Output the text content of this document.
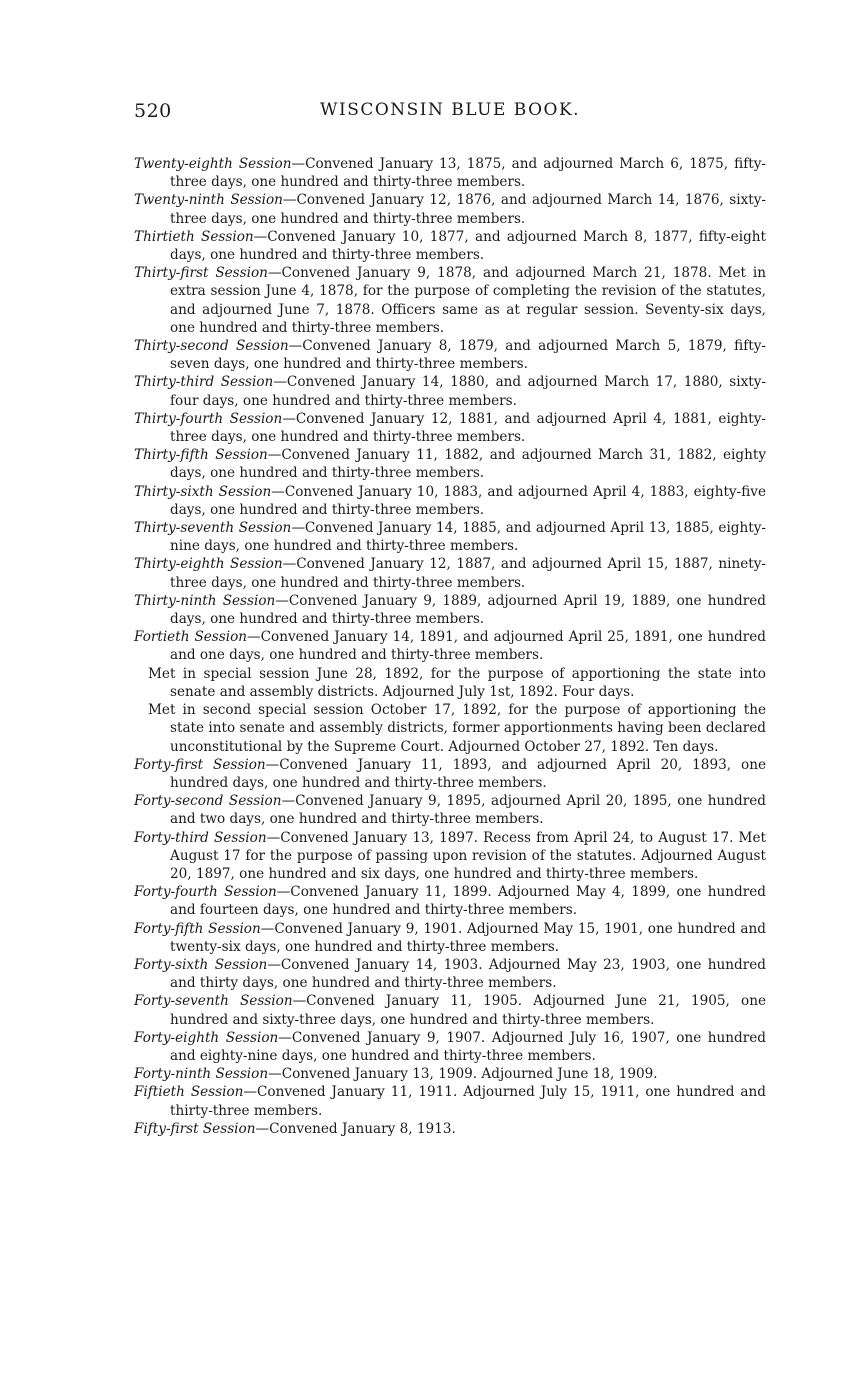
520	WISCONSIN BLUE BOOK.

Twenty-eighth Session—Convened January 13, 1875, and adjourned March 6, 1875, fifty-three days, one hundred and thirty-three members.

Twenty-ninth Session—Convened January 12, 1876, and adjourned March 14, 1876, sixty-three days, one hundred and thirty-three members.

Thirtieth Session—Convened January 10, 1877, and adjourned March 8, 1877, fifty-eight days, one hundred and thirty-three members.

Thirty-first Session—Convened January 9, 1878, and adjourned March 21, 1878. Met in extra session June 4, 1878, for the purpose of completing the revision of the statutes, and adjourned June 7, 1878. Officers same as at regular session. Seventy-six days, one hundred and thirty-three members.

Thirty-second Session—Convened January 8, 1879, and adjourned March 5, 1879, fifty-seven days, one hundred and thirty-three members.

Thirty-third Session—Convened January 14, 1880, and adjourned March 17, 1880, sixty-four days, one hundred and thirty-three members.

Thirty-fourth Session—Convened January 12, 1881, and adjourned April 4, 1881, eighty-three days, one hundred and thirty-three members.

Thirty-fifth Session—Convened January 11, 1882, and adjourned March 31, 1882, eighty days, one hundred and thirty-three members.

Thirty-sixth Session—Convened January 10, 1883, and adjourned April 4, 1883, eighty-five days, one hundred and thirty-three members.

Thirty-seventh Session—Convened January 14, 1885, and adjourned April 13, 1885, eighty-nine days, one hundred and thirty-three members.

Thirty-eighth Session—Convened January 12, 1887, and adjourned April 15, 1887, ninety-three days, one hundred and thirty-three members.

Thirty-ninth Session—Convened January 9, 1889, adjourned April 19, 1889, one hundred days, one hundred and thirty-three members.

Fortieth Session—Convened January 14, 1891, and adjourned April 25, 1891, one hundred and one days, one hundred and thirty-three members.

Met in special session June 28, 1892, for the purpose of apportioning the state into senate and assembly districts. Adjourned July 1st, 1892. Four days.

Met in second special session October 17, 1892, for the purpose of apportioning the state into senate and assembly districts, former apportionments having been declared unconstitutional by the Supreme Court. Adjourned October 27, 1892. Ten days.

Forty-first Session—Convened January 11, 1893, and adjourned April 20, 1893, one hundred days, one hundred and thirty-three members.

Forty-second Session—Convened January 9, 1895, adjourned April 20, 1895, one hundred and two days, one hundred and thirty-three members.

Forty-third Session—Convened January 13, 1897. Recess from April 24, to August 17. Met August 17 for the purpose of passing upon revision of the statutes. Adjourned August 20, 1897, one hundred and six days, one hundred and thirty-three members.

Forty-fourth Session—Convened January 11, 1899. Adjourned May 4, 1899, one hundred and fourteen days, one hundred and thirty-three members.

Forty-fifth Session—Convened January 9, 1901. Adjourned May 15, 1901, one hundred and twenty-six days, one hundred and thirty-three members.

Forty-sixth Session—Convened January 14, 1903. Adjourned May 23, 1903, one hundred and thirty days, one hundred and thirty-three members.

Forty-seventh Session—Convened January 11, 1905. Adjourned June 21, 1905, one hundred and sixty-three days, one hundred and thirty-three members.

Forty-eighth Session—Convened January 9, 1907. Adjourned July 16, 1907, one hundred and eighty-nine days, one hundred and thirty-three members.

Forty-ninth Session—Convened January 13, 1909. Adjourned June 18, 1909.

Fiftieth Session—Convened January 11, 1911. Adjourned July 15, 1911, one hundred and thirty-three members.

Fifty-first Session—Convened January 8, 1913.
